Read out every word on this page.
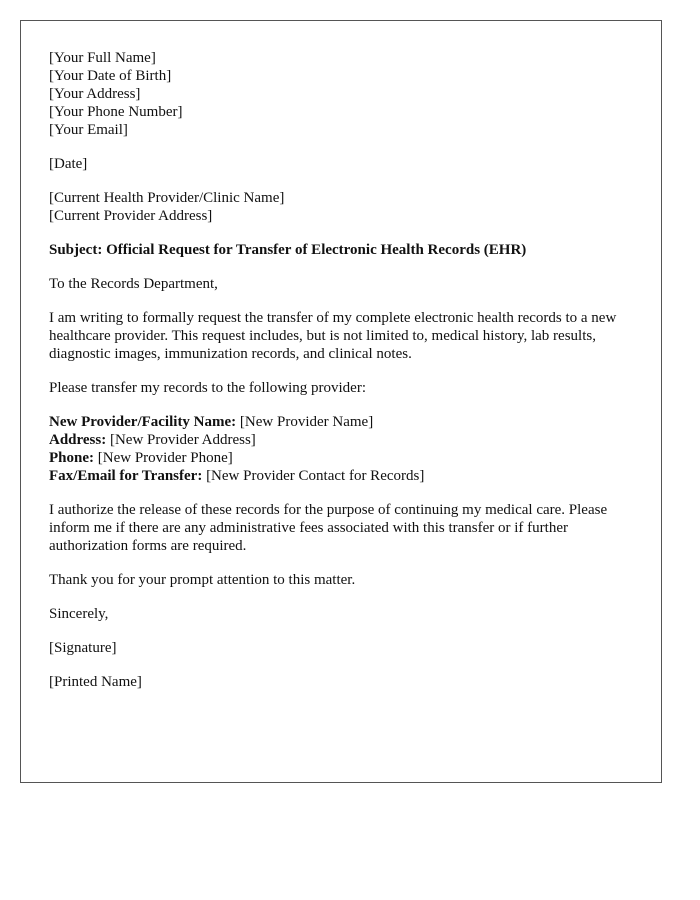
[Your Full Name]
[Your Date of Birth]
[Your Address]
[Your Phone Number]
[Your Email]

[Date]

[Current Health Provider/Clinic Name]
[Current Provider Address]

Subject: Official Request for Transfer of Electronic Health Records (EHR)

To the Records Department,

I am writing to formally request the transfer of my complete electronic health records to a new healthcare provider. This request includes, but is not limited to, medical history, lab results, diagnostic images, immunization records, and clinical notes.

Please transfer my records to the following provider:

New Provider/Facility Name: [New Provider Name]
Address: [New Provider Address]
Phone: [New Provider Phone]
Fax/Email for Transfer: [New Provider Contact for Records]

I authorize the release of these records for the purpose of continuing my medical care. Please inform me if there are any administrative fees associated with this transfer or if further authorization forms are required.

Thank you for your prompt attention to this matter.

Sincerely,

[Signature]

[Printed Name]
